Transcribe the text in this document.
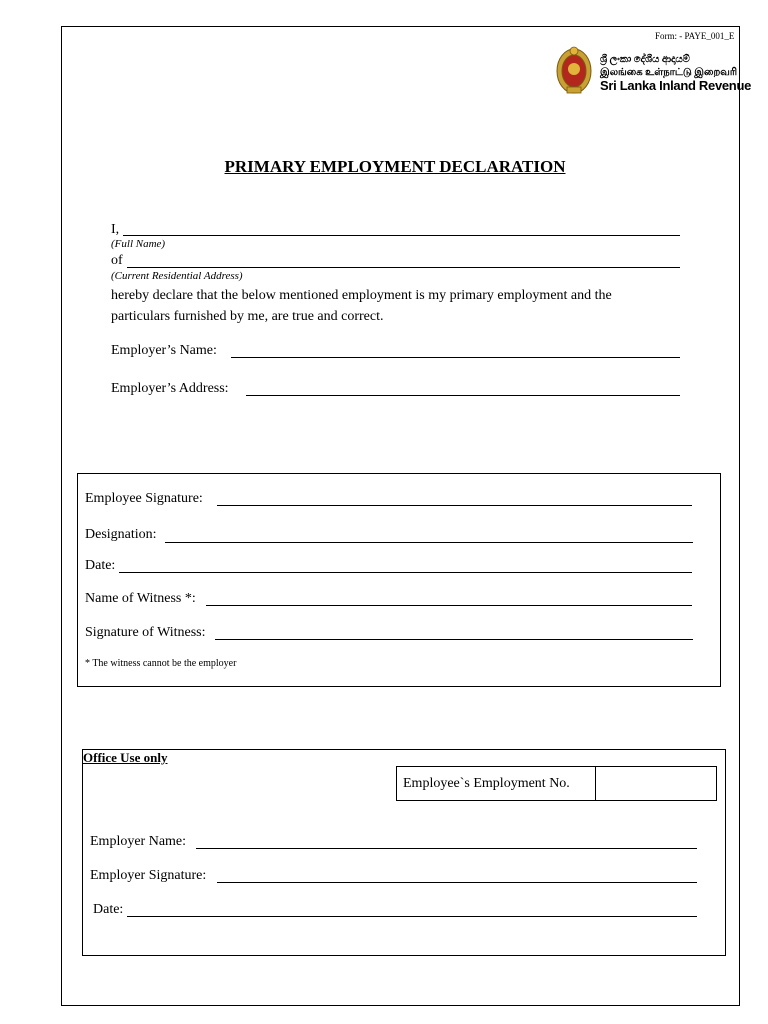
Form: - PAYE_001_E
ශ්‍රී ලංකා දේශීය ආදායම්
இலங்கை உள்நாட்டு இறைவரி
Sri Lanka Inland Revenue
PRIMARY EMPLOYMENT DECLARATION
I,
(Full Name)
of
(Current Residential Address)
hereby declare that the below mentioned employment is my primary employment and the
particulars furnished by me, are true and correct.
Employer’s Name:
Employer’s Address:
Employee Signature:
Designation:
Date:
Name of Witness *:
Signature of Witness:
* The witness cannot be the employer
Office Use only
Employee`s Employment No.
Employer Name:
Employer Signature:
Date:
